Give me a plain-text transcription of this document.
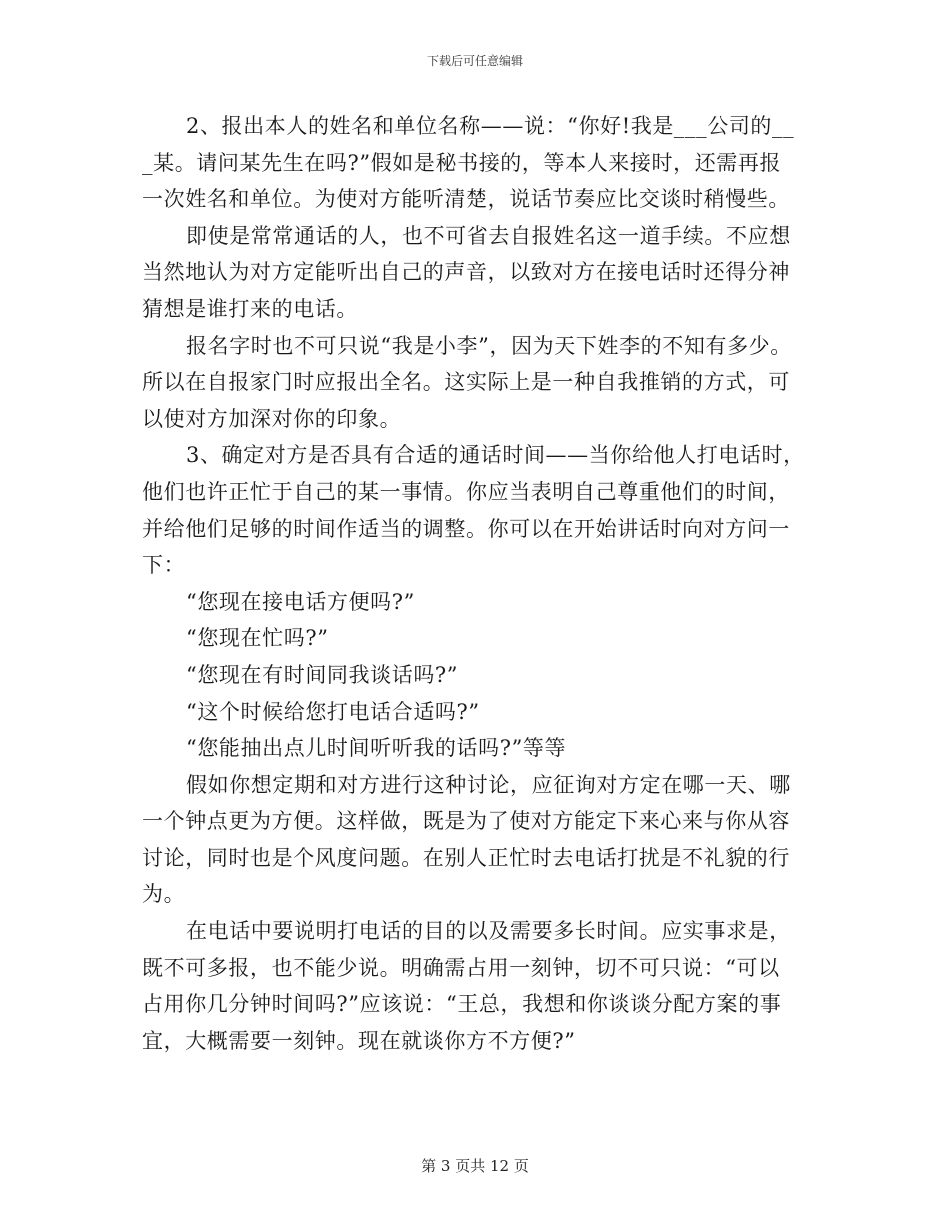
下载后可任意编辑
2、报出本人的姓名和单位名称——说：“你好!我是___公司的__
_某。请问某先生在吗?”假如是秘书接的，等本人来接时，还需再报
一次姓名和单位。为使对方能听清楚，说话节奏应比交谈时稍慢些。
即使是常常通话的人，也不可省去自报姓名这一道手续。不应想
当然地认为对方定能听出自己的声音，以致对方在接电话时还得分神
猜想是谁打来的电话。
报名字时也不可只说“我是小李”，因为天下姓李的不知有多少。
所以在自报家门时应报出全名。这实际上是一种自我推销的方式，可
以使对方加深对你的印象。
3、确定对方是否具有合适的通话时间——当你给他人打电话时，
他们也许正忙于自己的某一事情。你应当表明自己尊重他们的时间，
并给他们足够的时间作适当的调整。你可以在开始讲话时向对方问一
下：
“您现在接电话方便吗?”
“您现在忙吗?”
“您现在有时间同我谈话吗?”
“这个时候给您打电话合适吗?”
“您能抽出点儿时间听听我的话吗?”等等
假如你想定期和对方进行这种讨论，应征询对方定在哪一天、哪
一个钟点更为方便。这样做，既是为了使对方能定下来心来与你从容
讨论，同时也是个风度问题。在别人正忙时去电话打扰是不礼貌的行
为。
在电话中要说明打电话的目的以及需要多长时间。应实事求是，
既不可多报，也不能少说。明确需占用一刻钟，切不可只说：“可以
占用你几分钟时间吗?”应该说：“王总，我想和你谈谈分配方案的事
宜，大概需要一刻钟。现在就谈你方不方便?”
第 3 页共 12 页
